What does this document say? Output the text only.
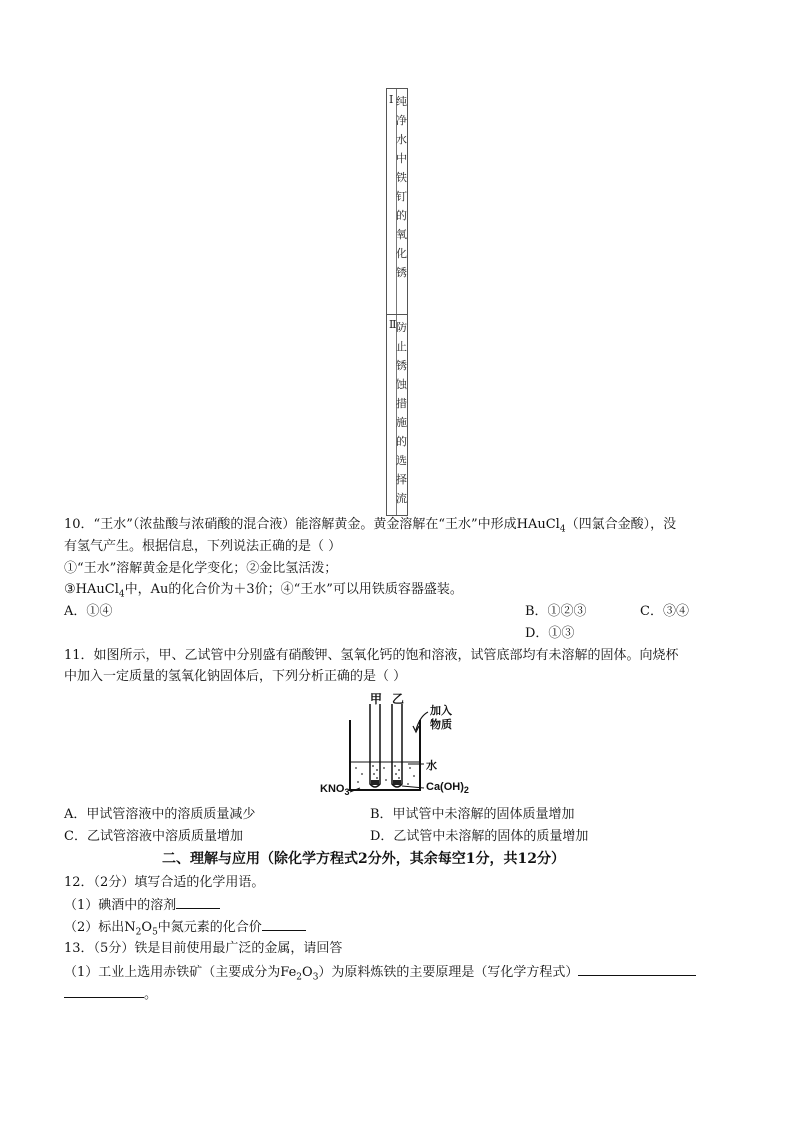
Ⅰ 纯
净
水
中
铁
钉
的
氧
化
锈
Ⅱ 防
止
锈
蚀
措
施
的
选
择
流
10．“王水”（浓盐酸与浓硝酸的混合液）能溶解黄金。黄金溶解在“王水”中形成HAuCl$_4$（四氯合金酸），没
有氢气产生。根据信息，下列说法正确的是（ ）
①“王水”溶解黄金是化学变化；②金比氢活泼；
③HAuCl$_4$中，Au的化合价为＋3价；④“王水”可以用铁质容器盛装。
A．①④	B．①②③	C．③④
D．①③
11．如图所示，甲、乙试管中分别盛有硝酸钾、氢氧化钙的饱和溶液，试管底部均有未溶解的固体。向烧杯
中加入一定质量的氢氧化钠固体后，下列分析正确的是（ ）
甲 乙
加入
物质
水
$KNO_3$	$Ca(OH)_2$
A．甲试管溶液中的溶质质量减少	B．甲试管中未溶解的固体质量增加
C．乙试管溶液中溶质质量增加	D．乙试管中未溶解的固体的质量增加
二、理解与应用（除化学方程式2分外，其余每空1分，共12分）
12．（2分）填写合适的化学用语。
（1）碘酒中的溶剂
（2）标出$N_2O_5$中氮元素的化合价
13．（5分）铁是目前使用最广泛的金属，请回答
（1）工业上选用赤铁矿（主要成分为$Fe_2O_3$）为原料炼铁的主要原理是（写化学方程式）
。
